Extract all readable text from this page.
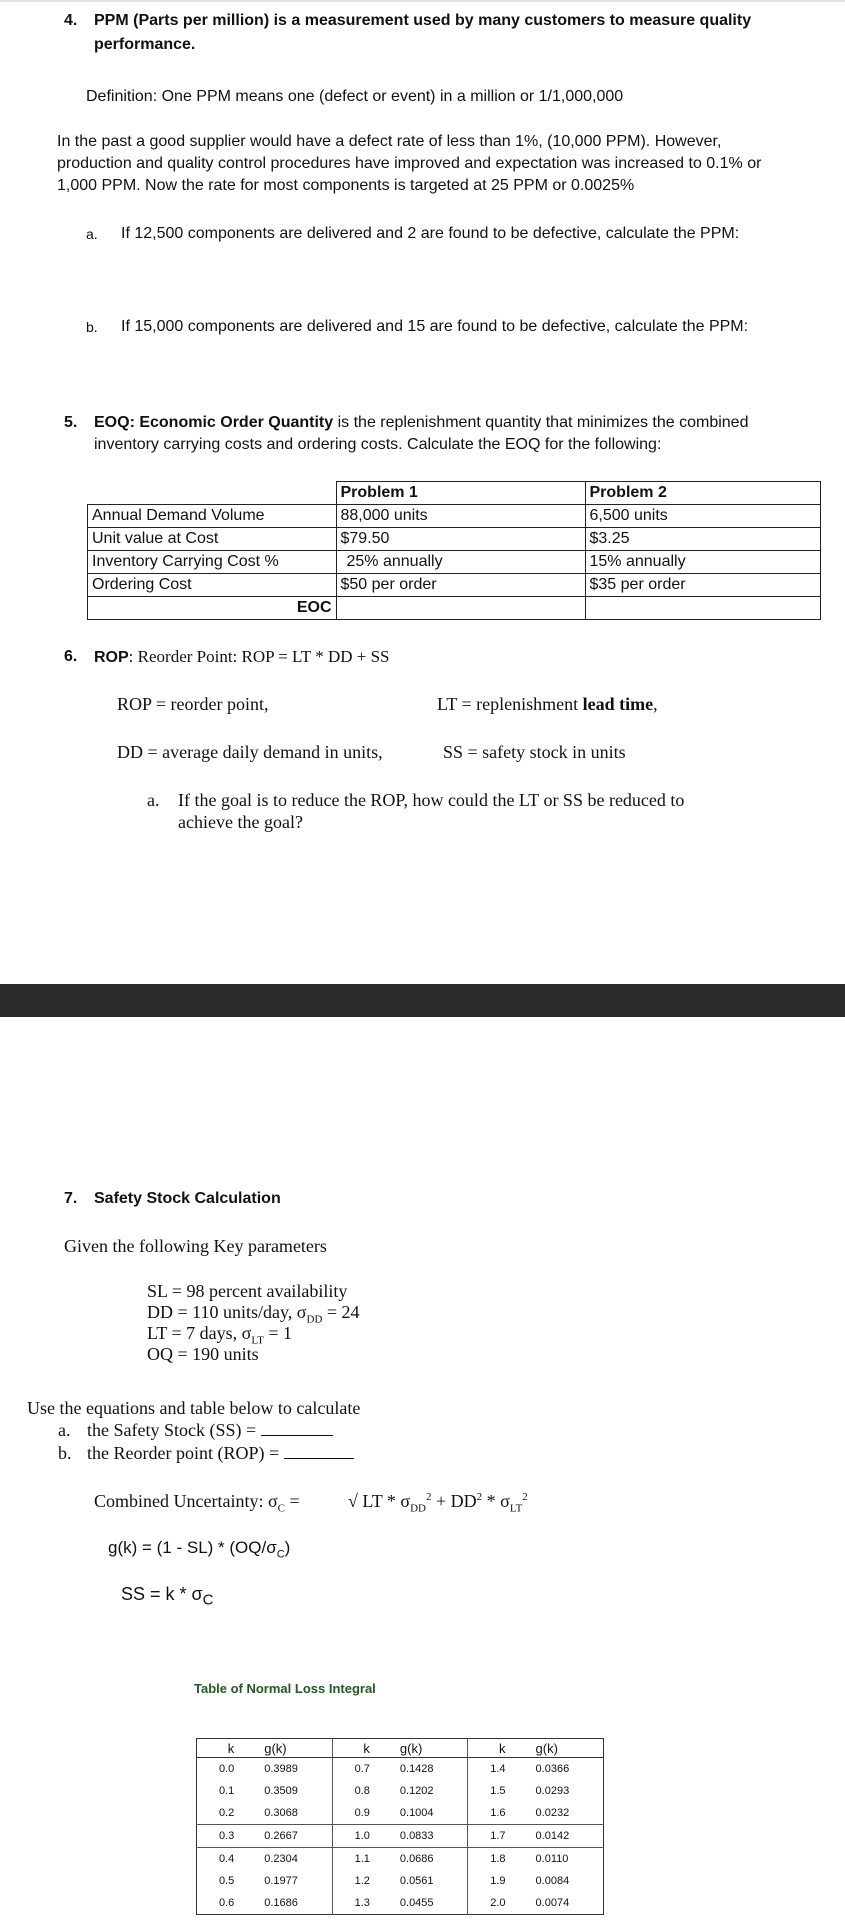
4. PPM (Parts per million) is a measurement used by many customers to measure quality
performance.
Definition: One PPM means one (defect or event) in a million or 1/1,000,000
In the past a good supplier would have a defect rate of less than 1%, (10,000 PPM). However,
production and quality control procedures have improved and expectation was increased to 0.1% or
1,000 PPM. Now the rate for most components is targeted at 25 PPM or 0.0025%
a. If 12,500 components are delivered and 2 are found to be defective, calculate the PPM:
b. If 15,000 components are delivered and 15 are found to be defective, calculate the PPM:
5. EOQ: Economic Order Quantity is the replenishment quantity that minimizes the combined
inventory carrying costs and ordering costs. Calculate the EOQ for the following:
	Problem 1	Problem 2
Annual Demand Volume	88,000 units	6,500 units
Unit value at Cost	$79.50	$3.25
Inventory Carrying Cost %	25% annually	15% annually
Ordering Cost	$50 per order	$35 per order
EOC		
6. ROP: Reorder Point: ROP = LT * DD + SS
ROP = reorder point,	LT = replenishment lead time,
DD = average daily demand in units,	SS = safety stock in units
a. If the goal is to reduce the ROP, how could the LT or SS be reduced to
achieve the goal?
7. Safety Stock Calculation
Given the following Key parameters
SL = 98 percent availability
DD = 110 units/day, $\sigma_{DD} = 24$
LT = 7 days, $\sigma_{LT} = 1$
OQ = 190 units
Use the equations and table below to calculate
a. the Safety Stock (SS) =
b. the Reorder point (ROP) =
Combined Uncertainty: $\sigma_C$ =	√ LT * $\sigma_{DD}^2 + DD^2 * \sigma_{LT}^2$
$g(k) = (1 - SL) * (OQ/\sigma_C)$
SS = k * $\sigma_C$
Table of Normal Loss Integral
k	g(k)	k	g(k)	k	g(k)
0.0	0.3989	0.7	0.1428	1.4	0.0366
0.1	0.3509	0.8	0.1202	1.5	0.0293
0.2	0.3068	0.9	0.1004	1.6	0.0232
0.3	0.2667	1.0	0.0833	1.7	0.0142
0.4	0.2304	1.1	0.0686	1.8	0.0110
0.5	0.1977	1.2	0.0561	1.9	0.0084
0.6	0.1686	1.3	0.0455	2.0	0.0074
